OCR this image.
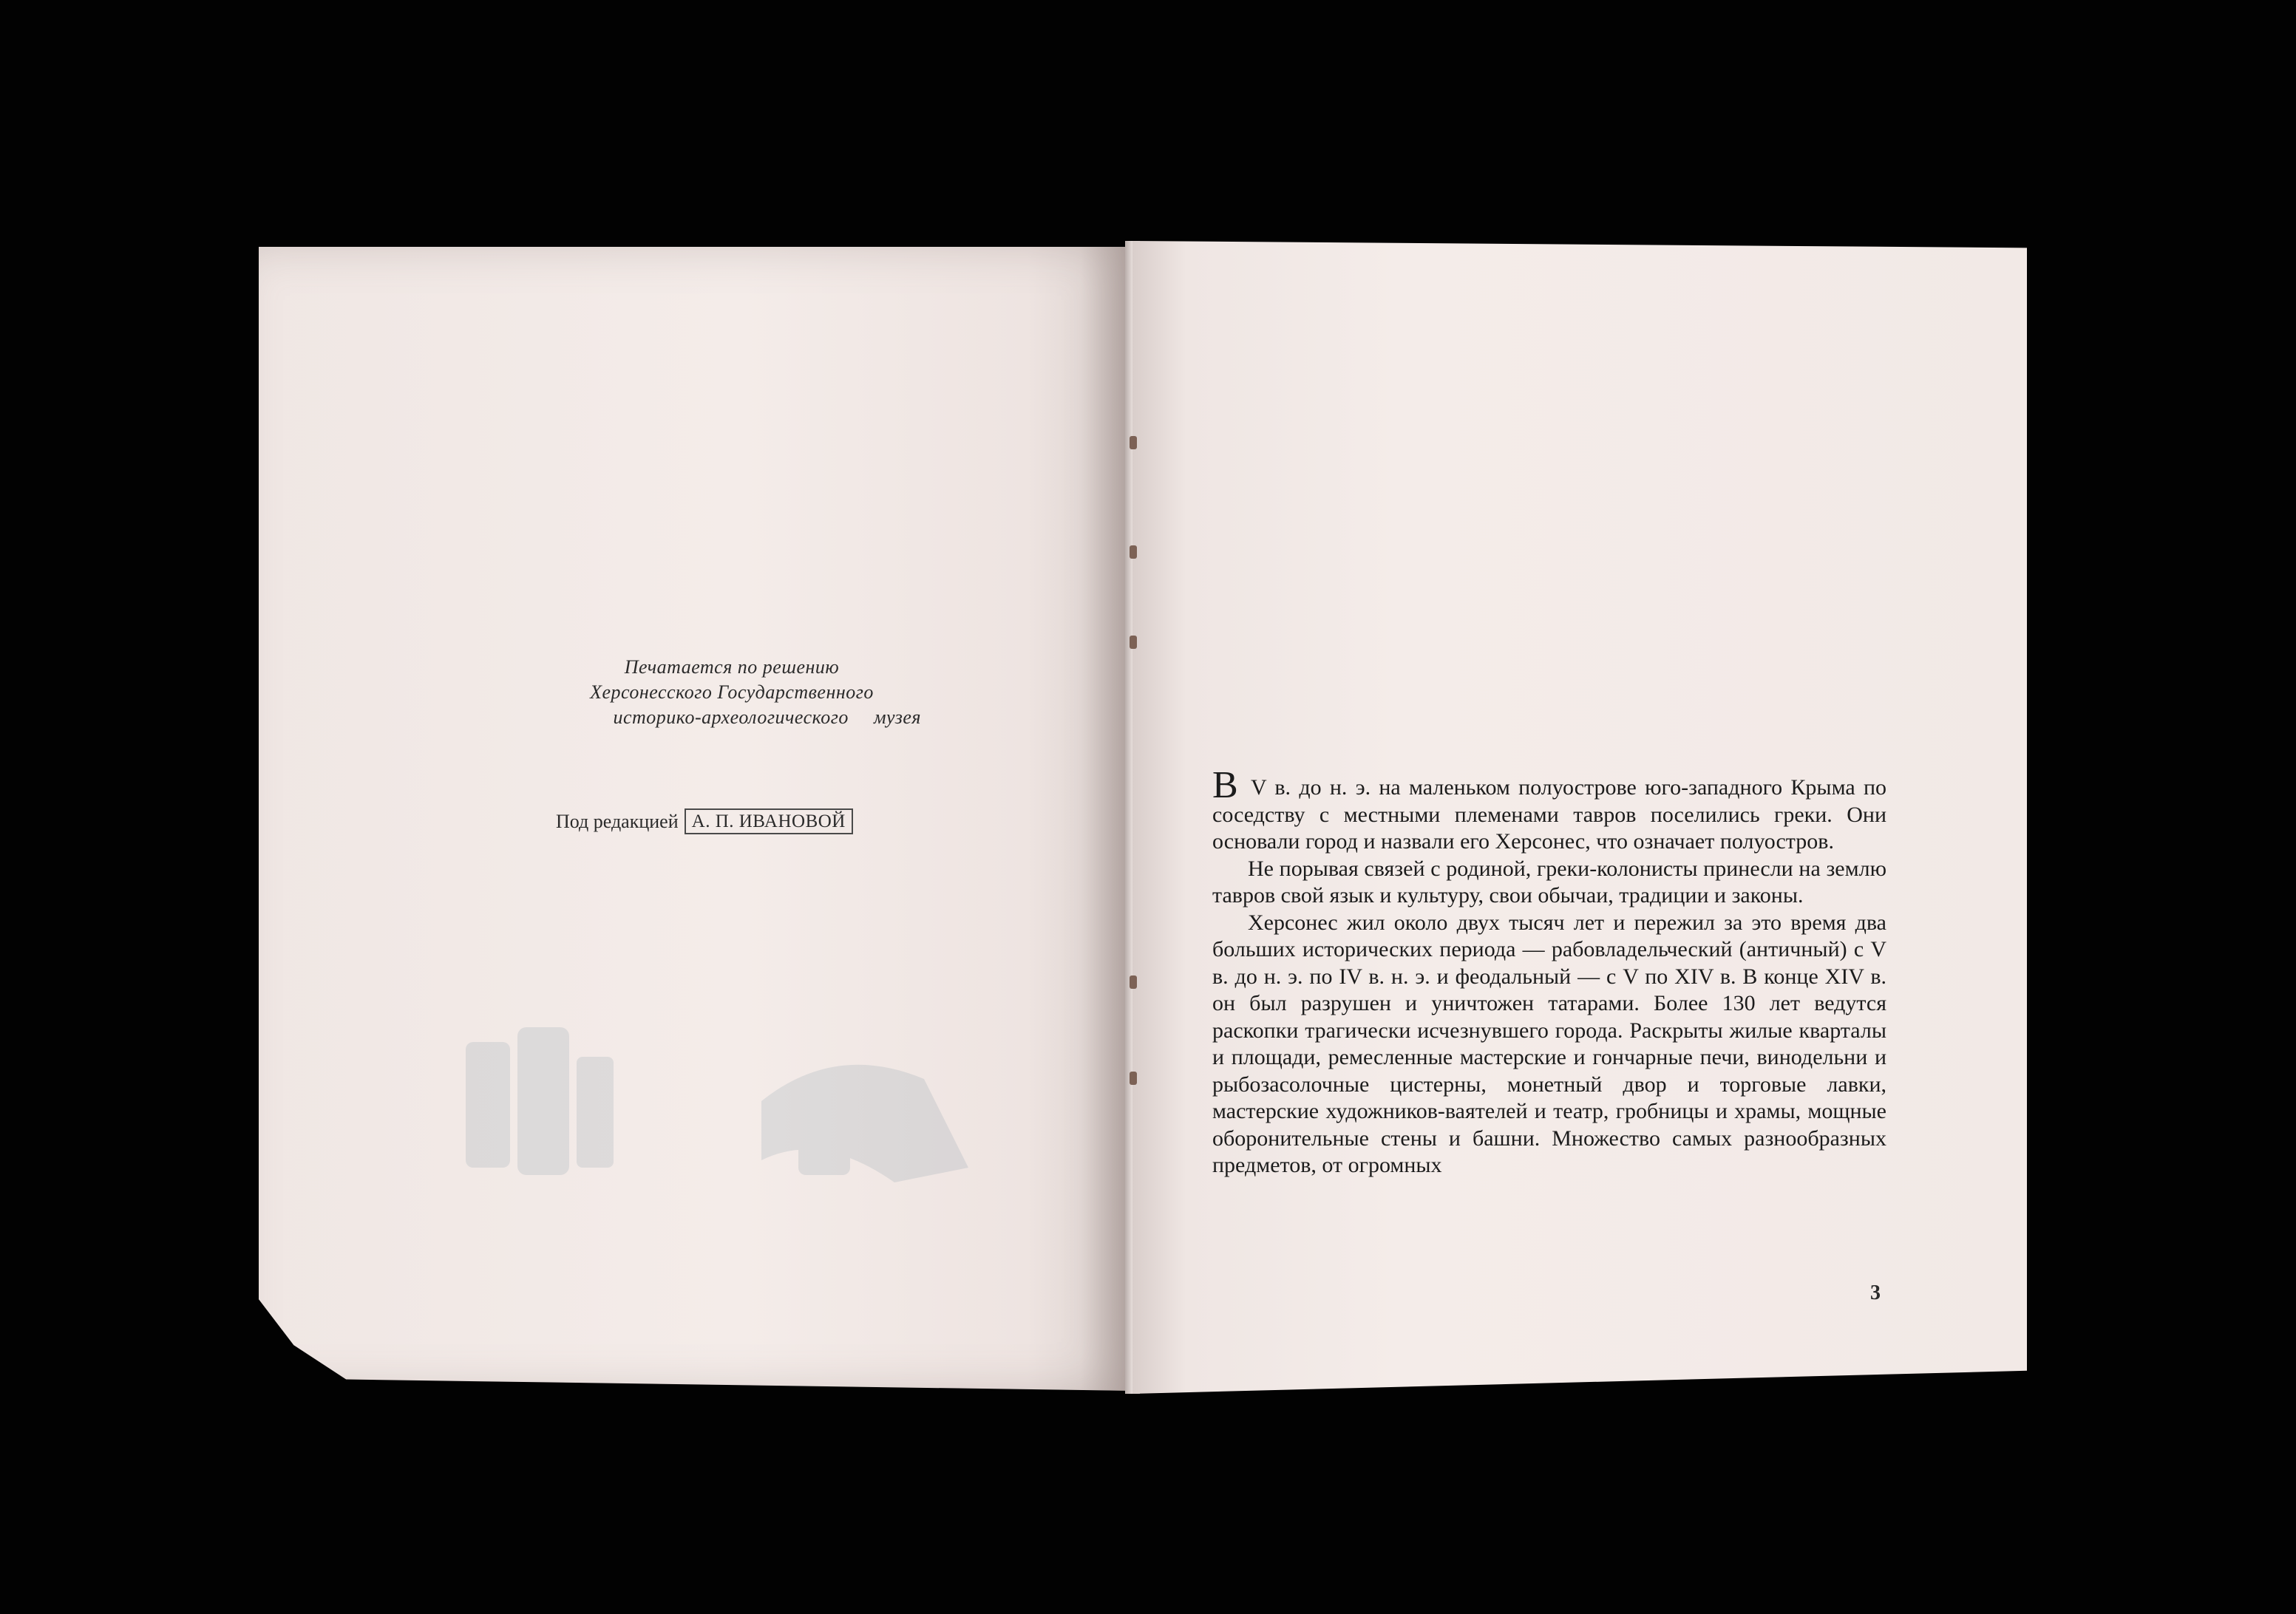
Печатается по решению
Херсонесского Государственного
историко-археологического музея
Под редакцией А. П. ИВАНОВОЙ

В V в. до н. э. на маленьком полуострове юго-западного Крыма по соседству с местными племенами тавров поселились греки. Они основали город и назвали его Херсонес, что означает полуостров.

Не порывая связей с родиной, греки-колонисты принесли на землю тавров свой язык и культуру, свои обычаи, традиции и законы.

Херсонес жил около двух тысяч лет и пережил за это время два больших исторических периода — рабовладельческий (античный) с V в. до н. э. по IV в. н. э. и феодальный — с V по XIV в. В конце XIV в. он был разрушен и уничтожен татарами. Более 130 лет ведутся раскопки трагически исчезнувшего города. Раскрыты жилые кварталы и площади, ремесленные мастерские и гончарные печи, винодельни и рыбозасолочные цистерны, монетный двор и торговые лавки, мастерские художников-ваятелей и театр, гробницы и храмы, мощные оборонительные стены и башни. Множество самых разнообразных предметов, от огромных

3
